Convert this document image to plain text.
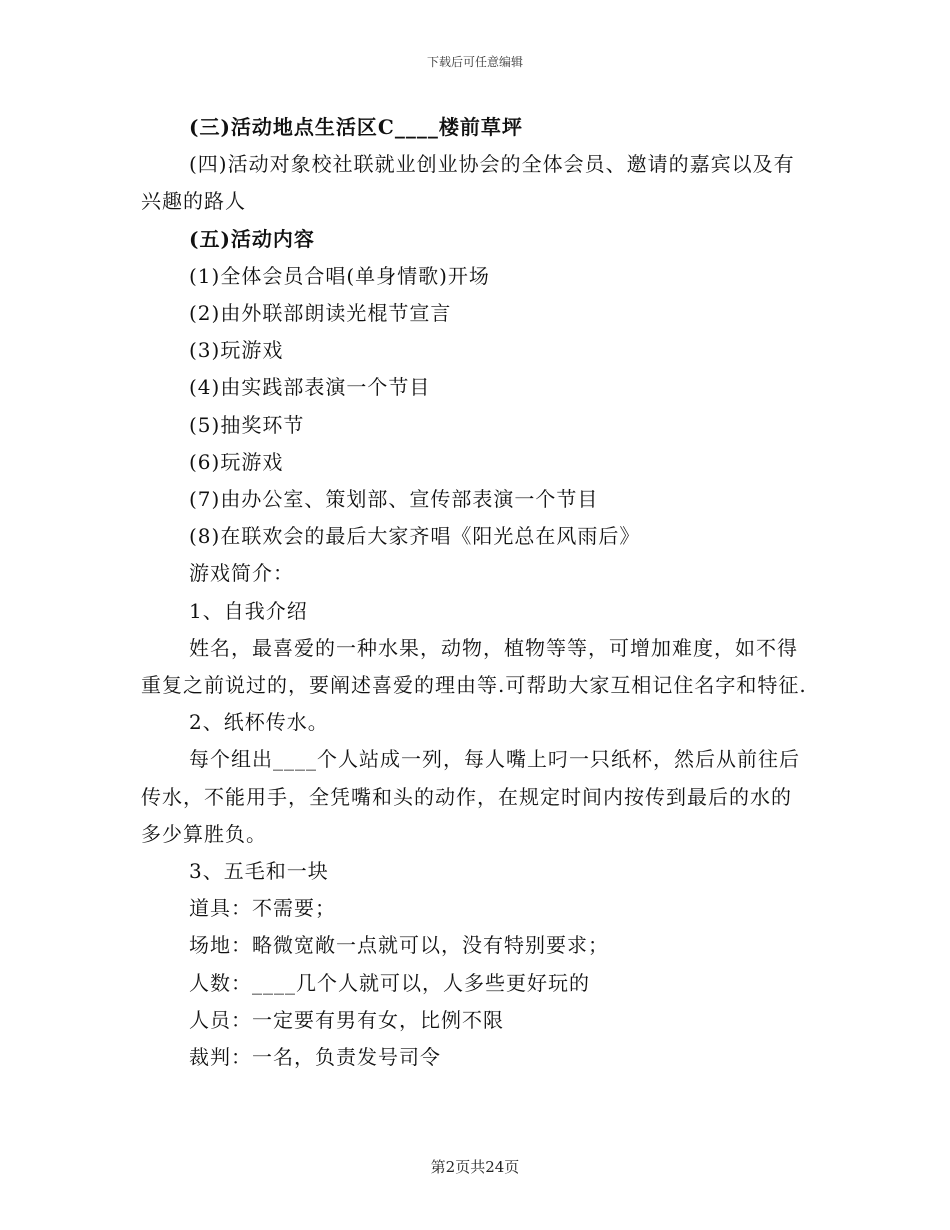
下载后可任意编辑

(三)活动地点生活区C____楼前草坪

(四)活动对象校社联就业创业协会的全体会员、邀请的嘉宾以及有兴趣的路人

(五)活动内容

(1)全体会员合唱(单身情歌)开场

(2)由外联部朗读光棍节宣言

(3)玩游戏

(4)由实践部表演一个节目

(5)抽奖环节

(6)玩游戏

(7)由办公室、策划部、宣传部表演一个节目

(8)在联欢会的最后大家齐唱《阳光总在风雨后》

游戏简介：

1、自我介绍

姓名，最喜爱的一种水果，动物，植物等等，可增加难度，如不得重复之前说过的，要阐述喜爱的理由等.可帮助大家互相记住名字和特征.

2、纸杯传水。

每个组出____个人站成一列，每人嘴上叼一只纸杯，然后从前往后传水，不能用手，全凭嘴和头的动作，在规定时间内按传到最后的水的多少算胜负。

3、五毛和一块

道具：不需要；

场地：略微宽敞一点就可以，没有特别要求；

人数：____几个人就可以，人多些更好玩的

人员：一定要有男有女，比例不限

裁判：一名，负责发号司令

第2页共24页
